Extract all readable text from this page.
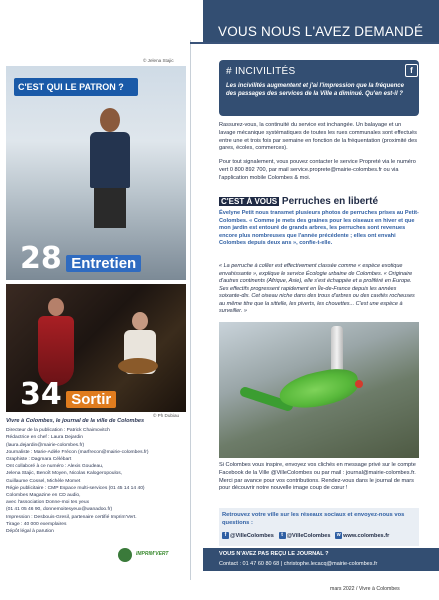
© Jelena Stajic
C'EST QUI LE PATRON ?
28 Entretien
34 Sortir
© Ph Dubiau
Vivre à Colombes, le journal de la ville de Colombes
Directeur de la publication : Patrick Chaimovitch
Rédactrice en chef : Laura Dejardin
(laura.dejardin@mairie-colombes.fr)
Journaliste : Marie-Adèle Frécon (marfrecon@mairie-colombes.fr)
Graphiste : Dagmara Célébart
Ont collaboré à ce numéro : Alexis Goudeau,
Jelena Stajic, Benoît Moyen, Nicolas Kalogeropoulos,
Guillaume Cossel, Michèle Momet
Régie publicitaire : CMP Espace multi-services (01 45 14 14 40)
Colombes Magazine en CD audio,
avec l'association Donne-moi tes yeux
(01 41 05 46 90, donnemoitesyeux@wanadoo.fr)
Impression : Desbouis-Gresil, partenaire certifié Imprim'Vert.
Tirage : 40 000 exemplaires
Dépôt légal à parution
IMPRIM'VERT
VOUS NOUS L'AVEZ DEMANDÉ
# INCIVILITÉS	f
Les incivilités augmentent et j'ai l'impression que la fréquence des passages des services de la Ville a diminué. Qu'en est-il ?
Rassurez-vous, la continuité du service est inchangée. Un balayage et un lavage mécanique systématiques de toutes les rues communales sont effectués entre une et trois fois par semaine en fonction de la fréquentation (proximité des gares, écoles, commerces).
Pour tout signalement, vous pouvez contacter le service Propreté via le numéro vert 0 800 892 700, par mail service.proprete@mairie-colombes.fr ou via l'application mobile Colombes & moi.
C'EST À VOUS Perruches en liberté
Évelyne Petit nous transmet plusieurs photos de perruches prises au Petit-Colombes. « Comme je mets des graines pour les oiseaux en hiver et que mon jardin est entouré de grands arbres, les perruches sont revenues encore plus nombreuses que l'année précédente ; elles ont envahi Colombes depuis deux ans », confie-t-elle.
« La perruche à collier est effectivement classée comme « espèce exotique envahissante », explique le service Écologie urbaine de Colombes. « Originaire d'autres continents (Afrique, Asie), elle s'est échappée et a proliféré en Europe. Ses effectifs progressent rapidement en Île-de-France depuis les années soixante-dix. Cet oiseau niche dans des trous d'arbres ou des cavités rocheuses au même titre que la sittelle, les piverts, les chouettes... C'est une espèce à surveiller. »
Si Colombes vous inspire, envoyez vos clichés en message privé sur le compte Facebook de la Ville @VilleColombes ou par mail : journal@mairie-colombes.fr. Merci par avance pour vos contributions. Rendez-vous dans le journal de mars pour découvrir notre nouvelle image coup de cœur !
Retrouvez votre ville sur les réseaux sociaux et envoyez-nous vos questions :
f @VilleColombes t @VilleColombes w www.colombes.fr
VOUS N'AVEZ PAS REÇU LE JOURNAL ?
Contact : 01 47 60 80 68 | christophe.lecacq@mairie-colombes.fr
mars 2022 / Vivre à Colombes
